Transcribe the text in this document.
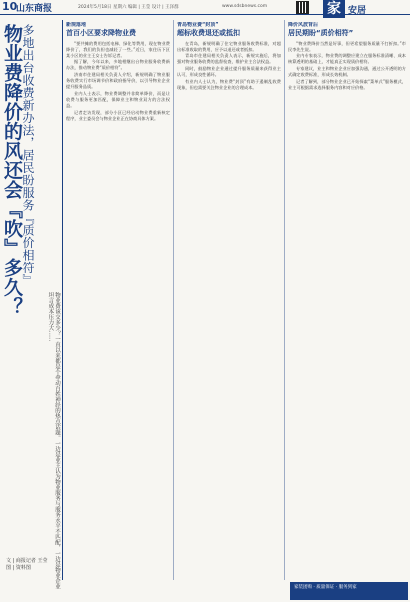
10
山东商报	2024年5月18日 星期六 编辑 | 王莹 设计 | 王泽群	www.sdsbnews.com	家 安居
物业费降价的风还会『吹』多久？
多地出台收费新办法，居民盼服务『质价相符』
物业费该交多少？一直以来都是个牵动百姓神经的热点话题。一边是业主认为物业服务与服务水平不匹配，一边是物业企业坦言成本压力大……
文 | 商报记者 王莹 图 | 资料图
新规落地
首百小区要求降物业费

“要共摊的费用包括电梯、绿化等费用，现在物业费降价了，我们的负担也减轻了一些。”近日，家住历下区某小区的业主王女士告诉记者。

据了解，今年以来，多地相继出台物业服务收费新办法，推动物业费“质价相符”。

济南市住建局相关负责人介绍，新规明确了物业服务收费实行市场调节价和政府指导价，以引导物业企业提升服务品质。

业内人士表示，物业费调整并非简单降价，而是让收费与服务更加匹配，保障业主和物业双方的合法权益。

记者走访发现，部分小区已经启动物业费重新核定程序，业主委员会与物业企业正在协商具体方案。

青岛物业费“封顶”
超标收费退还或抵扣

在青岛，新规明确了住宅物业服务收费标准，对超出标准收取的费用，应予以退还或者抵扣。

青岛市住建局相关负责人表示，新规实施后，将加强对物业服务收费的监督检查，维护业主合法权益。

同时，鼓励物业企业通过提升服务质量来获得业主认可，形成良性循环。

有业内人士认为，物业费“封顶”有助于遏制乱收费现象，但也需要关注物业企业的合理成本。

降价风波背后
居民期盼“质价相符”

“物业费降价当然是好事，但更希望服务质量不打折扣。”市民李先生说。

业内专家表示，物业费的调整应建立在服务标准清晰、成本核算透明的基础上，才能真正实现质价相符。

专家建议，业主和物业企业应加强沟通，通过公开透明的方式确定收费标准，形成长效机制。

记者了解到，部分物业企业已开始探索“菜单式”服务模式，业主可根据需求选择服务内容和对应价格。

家装团购 · 质量保证 · 服务到家
